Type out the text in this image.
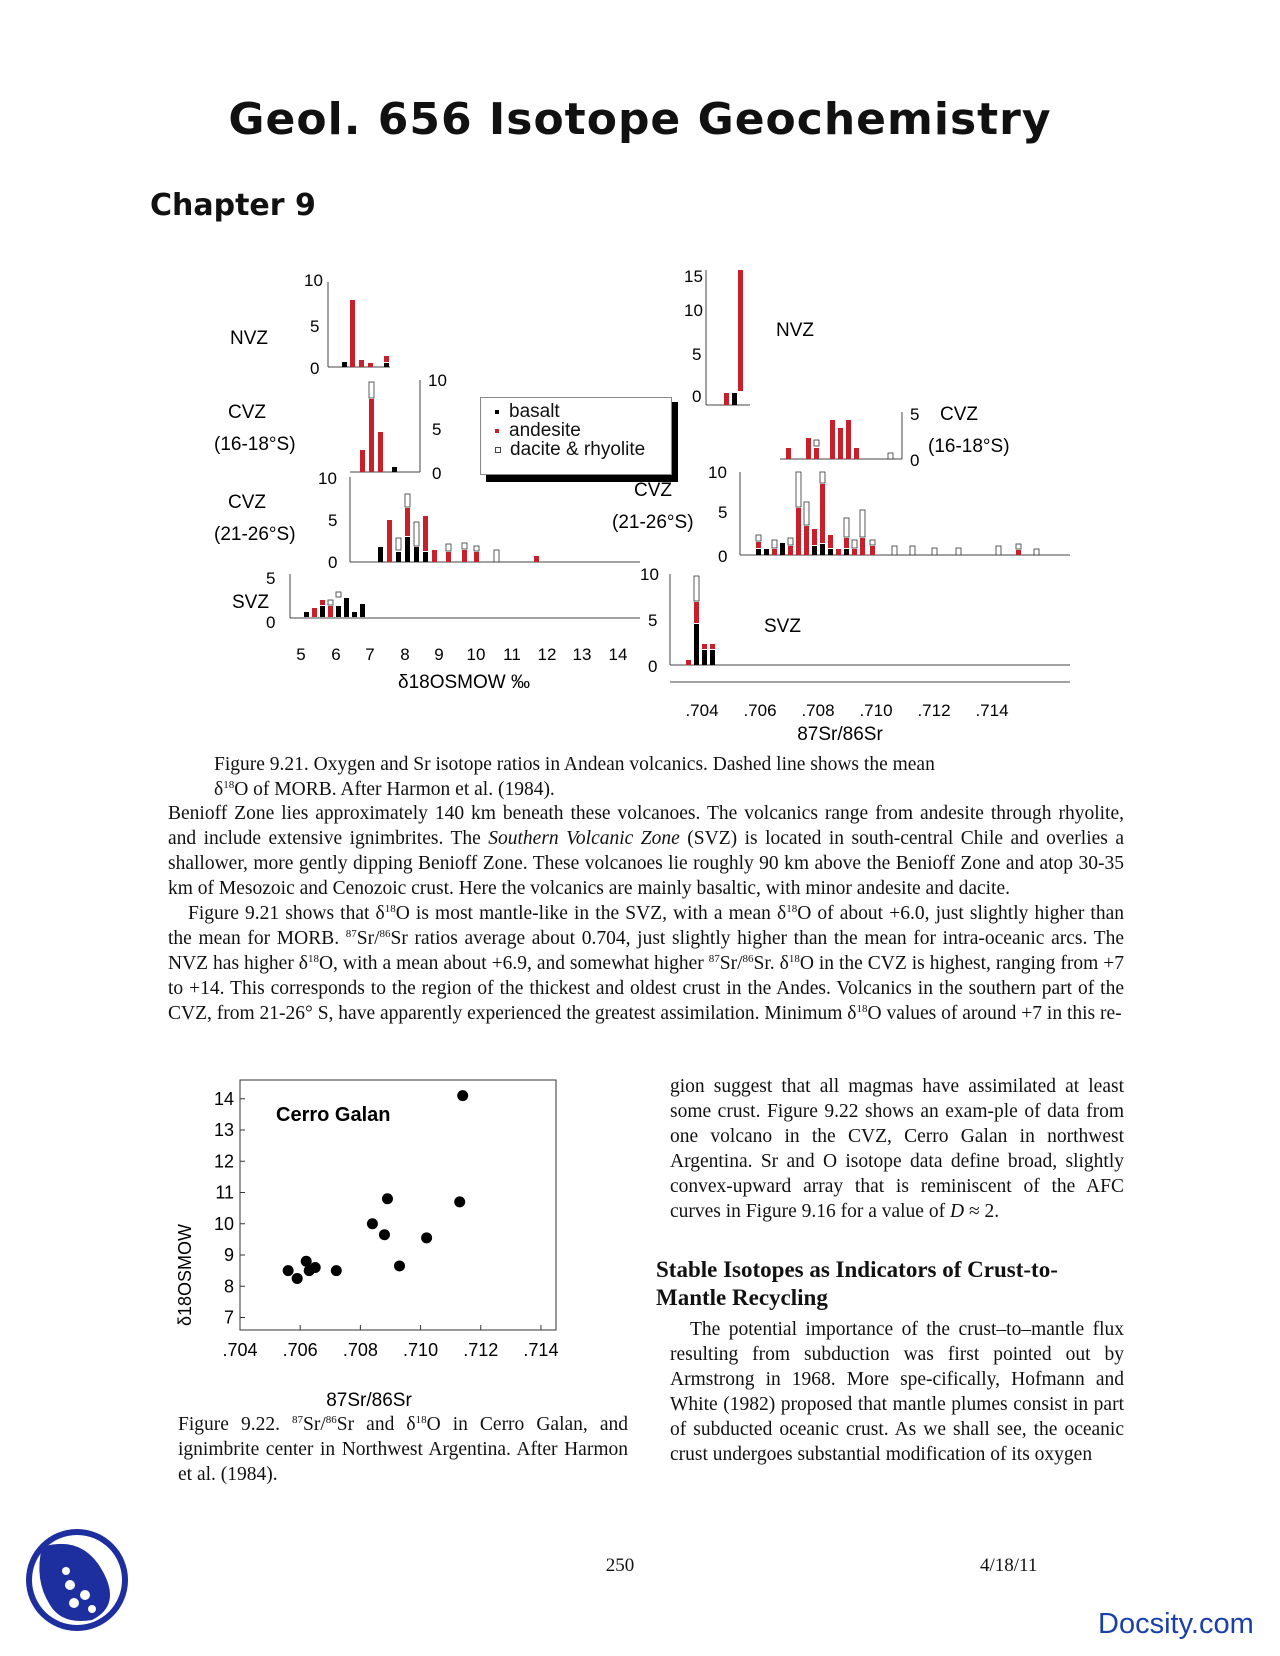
Geol. 656 Isotope Geochemistry
Chapter 9
NVZ
10
5
0
CVZ
(16-18°S)
10
5
0
CVZ
(21-26°S)
10
5
0
SVZ
5
0
5 6 7 8 9 10 11 12 13 14
δ18OSMOW ‰
basalt
andesite
dacite & rhyolite
15
10
5
0
NVZ
5
0
CVZ
(16-18°S)
CVZ
(21-26°S)
10
5
0
10
5
0
SVZ
.704 .706 .708 .710 .712 .714
87Sr/86Sr
Figure 9.21. Oxygen and Sr isotope ratios in Andean volcanics. Dashed line shows the mean
$\delta^{18}O$ of MORB. After Harmon et al. (1984).

Benioff Zone lies approximately 140 km beneath these volcanoes. The volcanics range from andesite through rhyolite, and include extensive ignimbrites. The Southern Volcanic Zone (SVZ) is located in south-central Chile and overlies a shallower, more gently dipping Benioff Zone. These volcanoes lie roughly 90 km above the Benioff Zone and atop 30-35 km of Mesozoic and Cenozoic crust. Here the volcanics are mainly basaltic, with minor andesite and dacite.

Figure 9.21 shows that $\delta^{18}O$ is most mantle-like in the SVZ, with a mean $\delta^{18}O$ of about +6.0, just slightly higher than the mean for MORB. $^{87}$Sr/$^{86}$Sr ratios average about 0.704, just slightly higher than the mean for intra-oceanic arcs. The NVZ has higher $\delta^{18}O$, with a mean about +6.9, and somewhat higher $^{87}$Sr/$^{86}$Sr. $\delta^{18}O$ in the CVZ is highest, ranging from +7 to +14. This corresponds to the region of the thickest and oldest crust in the Andes. Volcanics in the southern part of the CVZ, from 21-26° S, have apparently experienced the greatest assimilation. Minimum $\delta^{18}O$ values of around +7 in this re-

δ18OSMOW 7
8
9
10
11
12
13
14
.704 .706 .708 .710 .712 .714
Cerro Galan
87Sr/86Sr
Figure 9.22. $^{87}$Sr/$^{86}$Sr and $\delta^{18}O$ in Cerro Galan, and ignimbrite center in Northwest Argentina. After Harmon et al. (1984).

gion suggest that all magmas have assimilated at least some crust. Figure 9.22 shows an exam-ple of data from one volcano in the CVZ, Cerro Galan in northwest Argentina. Sr and O isotope data define broad, slightly convex-upward array that is reminiscent of the AFC curves in Figure 9.16 for a value of D ≈ 2.

Stable Isotopes as Indicators of Crust-to-Mantle Recycling

The potential importance of the crust–to–mantle flux resulting from subduction was first pointed out by Armstrong in 1968. More spe-cifically, Hofmann and White (1982) proposed that mantle plumes consist in part of subducted oceanic crust. As we shall see, the oceanic crust undergoes substantial modification of its oxygen

250	4/18/11
Docsity.com
